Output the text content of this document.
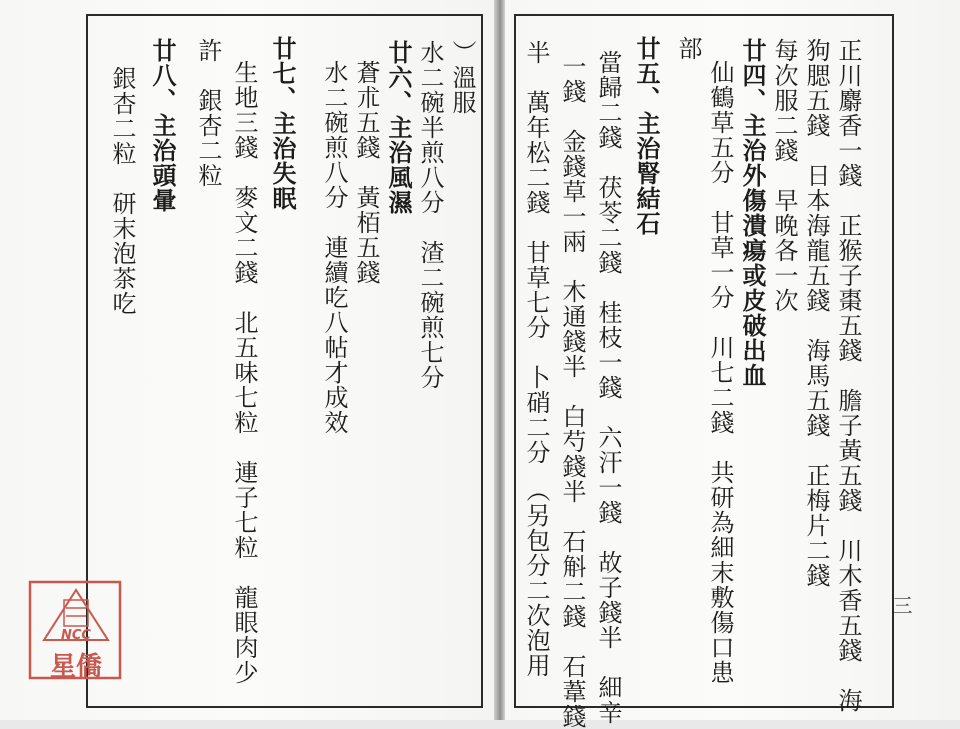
正川麝香一錢　正猴子棗五錢　膽子黃五錢　川木香五錢　海
狗腮五錢　日本海龍五錢　海馬五錢　正梅片二錢
每次服二錢　早晚各一次
廿四、主治外傷潰瘍或皮破出血
仙鶴草五分　甘草一分　川七二錢　共研為細末敷傷口患
部
廿五、主治腎結石
當歸二錢　茯苓二錢　桂枝一錢　六汗一錢　故子錢半　細辛
一錢　金錢草一兩　木通錢半　白芍錢半　石斛二錢　石葦錢
半　萬年松二錢　甘草七分　卜硝二分　（另包分二次泡用	三
）溫服
水二碗半煎八分　渣二碗煎七分
廿六、主治風濕
蒼朮五錢　黃栢五錢
水二碗煎八分　連續吃八帖才成效
廿七、主治失眠
生地三錢　麥文二錢　北五味七粒　連子七粒　龍眼肉少
許　銀杏二粒
廿八、主治頭暈
銀杏二粒　研末泡茶吃
NCC
星僑
